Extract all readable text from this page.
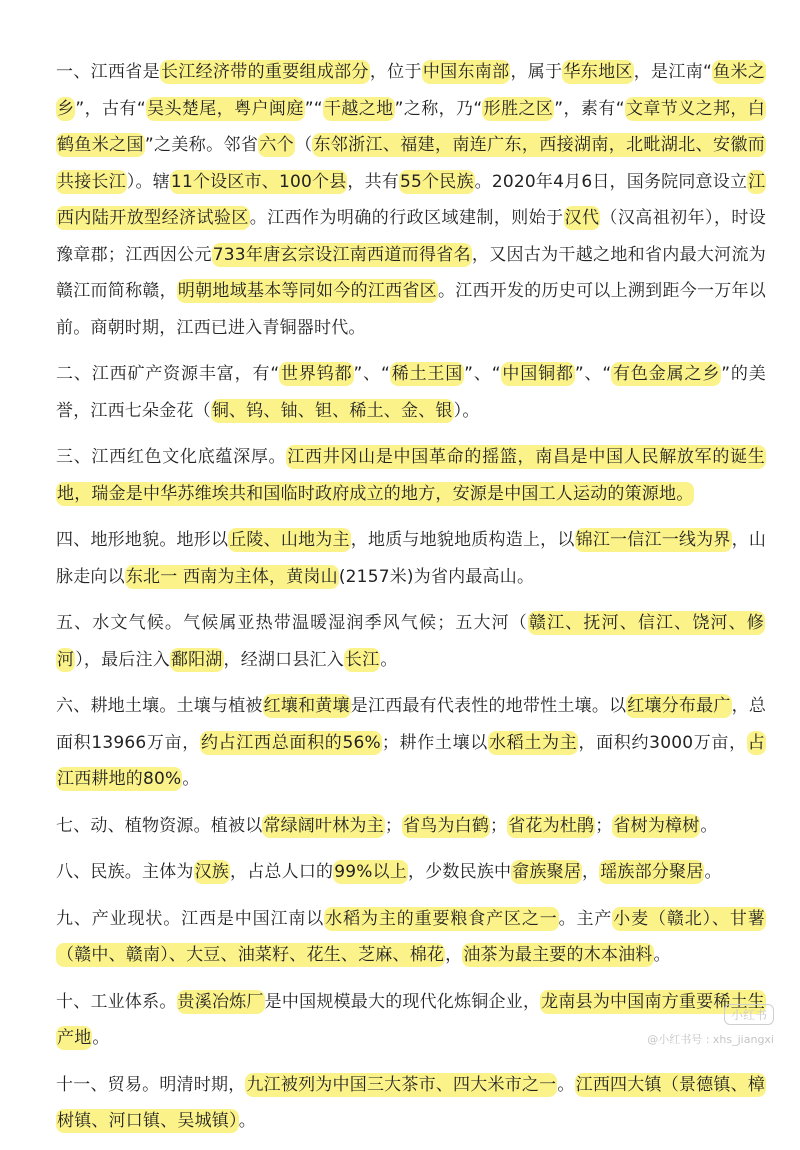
一、江西省是长江经济带的重要组成部分，位于中国东南部，属于华东地区，是江南“鱼米之乡”，古有“吴头楚尾，粤户闽庭”“干越之地”之称，乃“形胜之区”，素有“文章节义之邦，白鹤鱼米之国”之美称。邻省六个（东邻浙江、福建，南连广东，西接湖南，北毗湖北、安徽而共接长江）。辖11个设区市、100个县，共有55个民族。2020年4月6日，国务院同意设立江西内陆开放型经济试验区。江西作为明确的行政区域建制，则始于汉代（汉高祖初年），时设豫章郡；江西因公元733年唐玄宗设江南西道而得省名，又因古为干越之地和省内最大河流为赣江而简称赣，明朝地域基本等同如今的江西省区。江西开发的历史可以上溯到距今一万年以前。商朝时期，江西已进入青铜器时代。

二、江西矿产资源丰富，有“世界钨都”、“稀土王国”、“中国铜都”、“有色金属之乡”的美誉，江西七朵金花（铜、钨、铀、钽、稀土、金、银）。

三、江西红色文化底蕴深厚。江西井冈山是中国革命的摇篮，南昌是中国人民解放军的诞生地，瑞金是中华苏维埃共和国临时政府成立的地方，安源是中国工人运动的策源地。

四、地形地貌。地形以丘陵、山地为主，地质与地貌地质构造上，以锦江一信江一线为界，山脉走向以东北一 西南为主体，黄岗山(2157米)为省内最高山。

五、水文气候。气候属亚热带温暖湿润季风气候；五大河（赣江、抚河、信江、饶河、修河），最后注入鄱阳湖，经湖口县汇入长江。

六、耕地土壤。土壤与植被红壤和黄壤是江西最有代表性的地带性土壤。以红壤分布最广，总面积13966万亩，约占江西总面积的56%；耕作土壤以水稻土为主，面积约3000万亩，占江西耕地的80%。

七、动、植物资源。植被以常绿阔叶林为主；省鸟为白鹤；省花为杜鹃；省树为樟树。

八、民族。主体为汉族，占总人口的99%以上，少数民族中畲族聚居，瑶族部分聚居。

九、产业现状。江西是中国江南以水稻为主的重要粮食产区之一。主产小麦（赣北）、甘薯（赣中、赣南）、大豆、油菜籽、花生、芝麻、棉花，油茶为最主要的木本油料。

十、工业体系。贵溪冶炼厂是中国规模最大的现代化炼铜企业，龙南县为中国南方重要稀土生产地。

十一、贸易。明清时期，九江被列为中国三大茶市、四大米市之一。江西四大镇（景德镇、樟树镇、河口镇、吴城镇）。

小红书
@小红书号 : xhs_jiangxi
